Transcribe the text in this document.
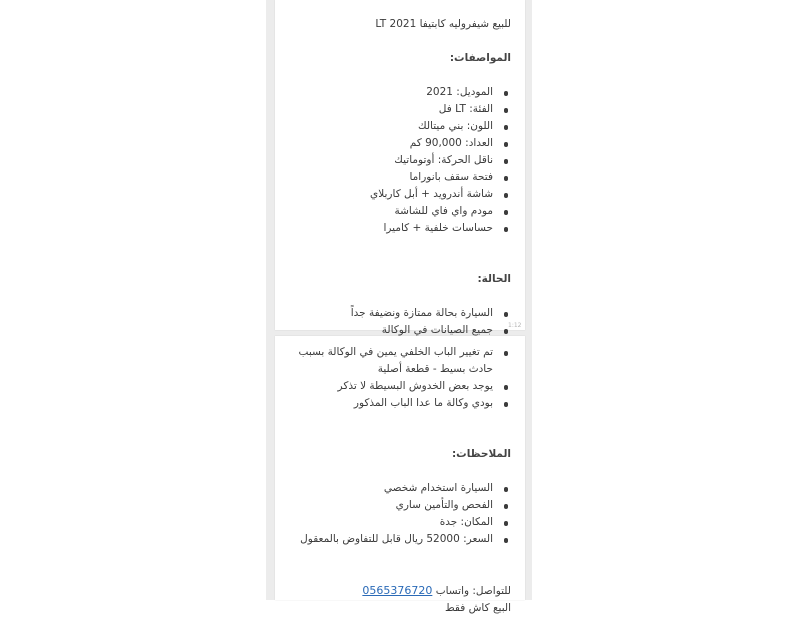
للبيع شيفروليه كابتيفا LT 2021
المواصفات:
الموديل: 2021
الفئة: LT فل
اللون: بني ميتالك
العداد: 90,000 كم
ناقل الحركة: أوتوماتيك
فتحة سقف بانوراما
شاشة أندرويد + أبل كاربلاي
مودم واي فاي للشاشة
حساسات خلفية + كاميرا
الحالة:
السيارة بحالة ممتازة ونضيفة جداً
جميع الصيانات في الوكالة	1:12
تم تغيير الباب الخلفي يمين في الوكالة بسبب حادث بسيط - قطعة أصلية
يوجد بعض الخدوش البسيطة لا تذكر
بودي وكالة ما عدا الباب المذكور
الملاحظات:
السيارة استخدام شخصي
الفحص والتأمين ساري
المكان: جدة
السعر: 52000 ريال قابل للتفاوض بالمعقول
للتواصل: واتساب 0565376720
البيع كاش فقط
